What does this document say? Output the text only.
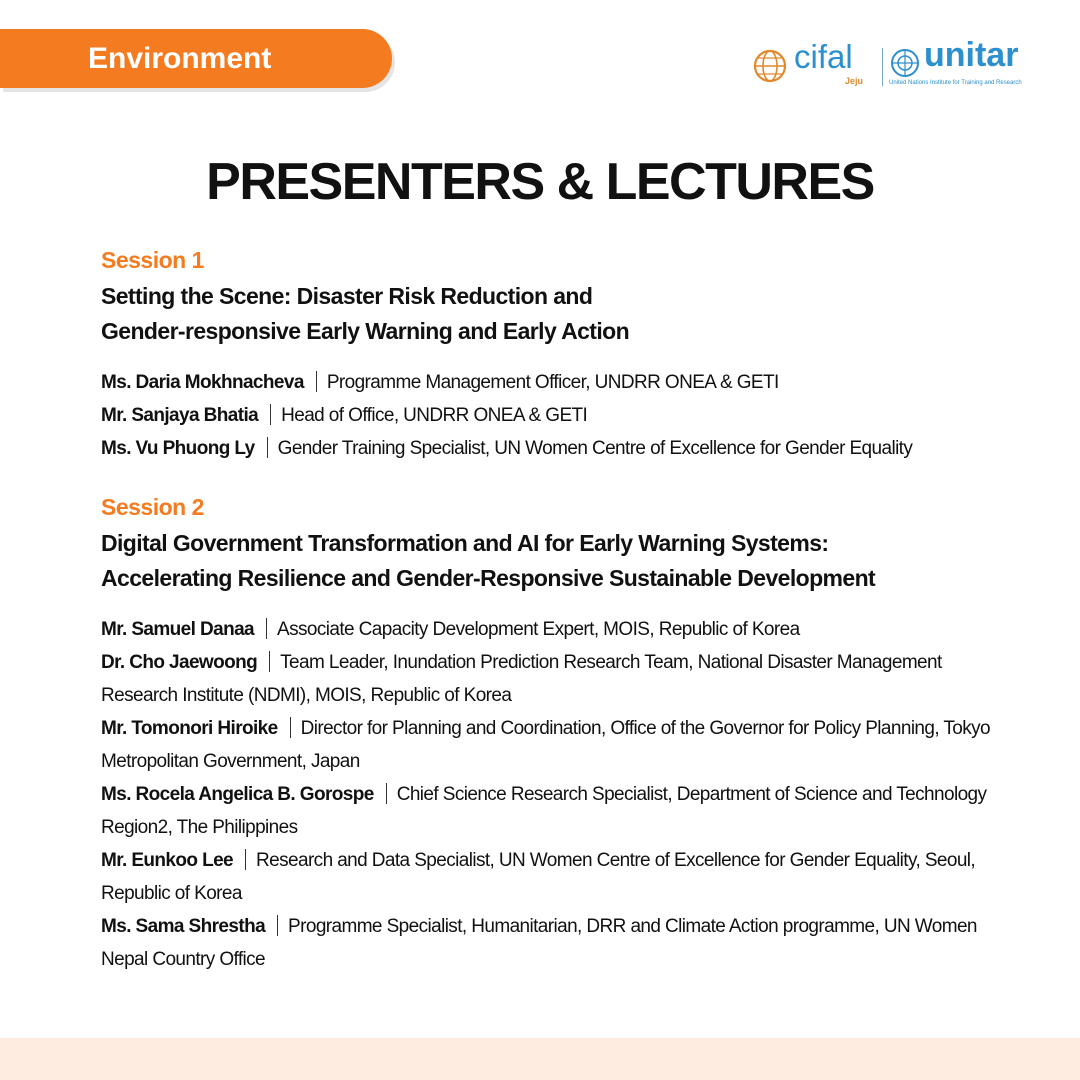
Environment	cifal
Jeju
unitar
United Nations Institute for Training and Research
PRESENTERS & LECTURES
Session 1
Setting the Scene: Disaster Risk Reduction and
Gender-responsive Early Warning and Early Action
Ms. Daria Mokhnacheva Programme Management Officer, UNDRR ONEA & GETI
Mr. Sanjaya Bhatia Head of Office, UNDRR ONEA & GETI
Ms. Vu Phuong Ly Gender Training Specialist, UN Women Centre of Excellence for Gender Equality
Session 2
Digital Government Transformation and AI for Early Warning Systems:
Accelerating Resilience and Gender-Responsive Sustainable Development
Mr. Samuel Danaa Associate Capacity Development Expert, MOIS, Republic of Korea
Dr. Cho Jaewoong Team Leader, Inundation Prediction Research Team, National Disaster Management Research Institute (NDMI), MOIS, Republic of Korea
Mr. Tomonori Hiroike Director for Planning and Coordination, Office of the Governor for Policy Planning, Tokyo Metropolitan Government, Japan
Ms. Rocela Angelica B. Gorospe Chief Science Research Specialist, Department of Science and Technology Region2, The Philippines
Mr. Eunkoo Lee Research and Data Specialist, UN Women Centre of Excellence for Gender Equality, Seoul, Republic of Korea
Ms. Sama Shrestha Programme Specialist, Humanitarian, DRR and Climate Action programme, UN Women Nepal Country Office
